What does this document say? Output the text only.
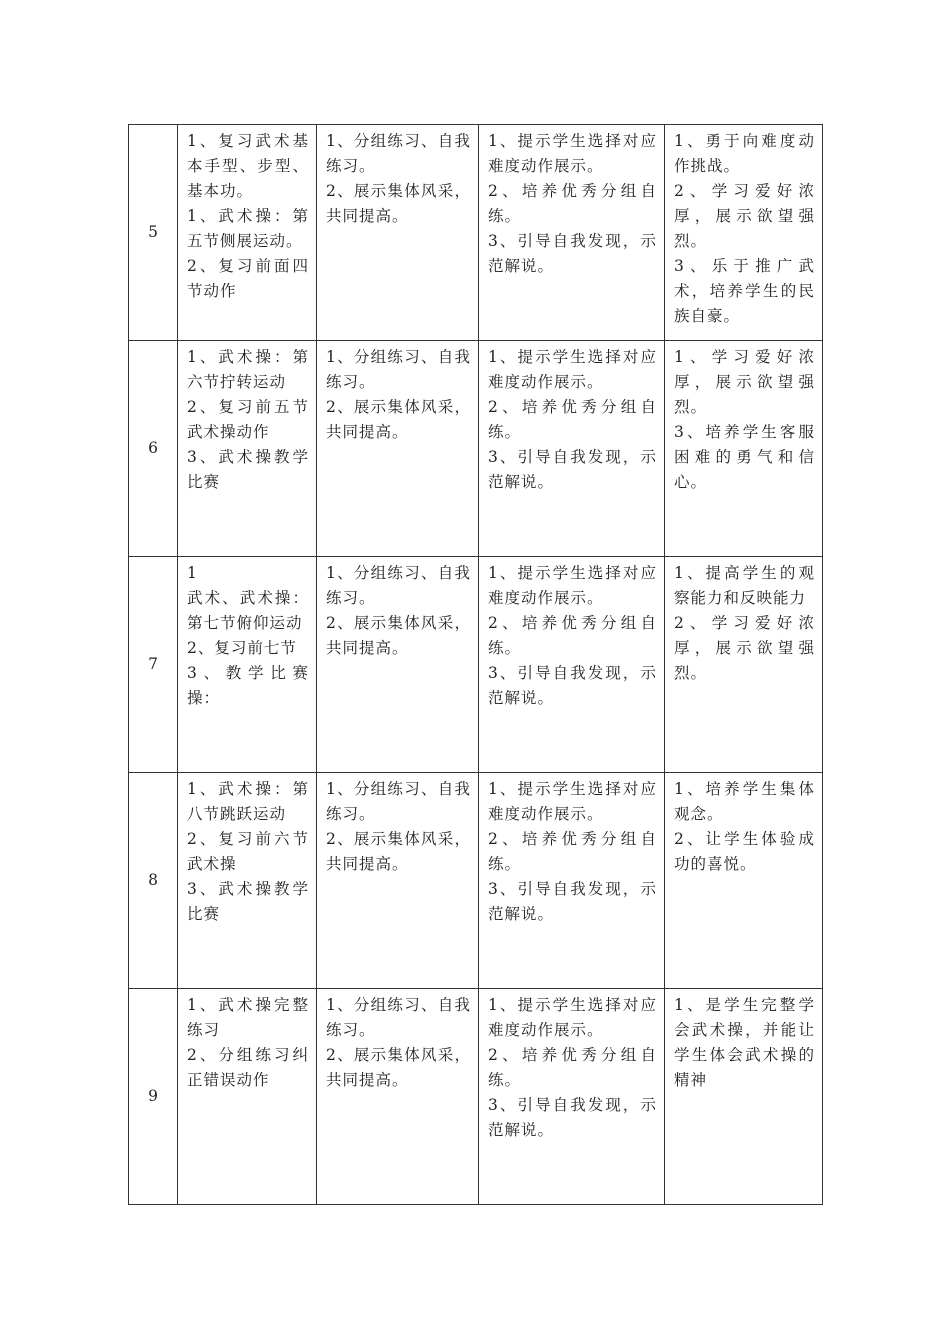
5	1、复习武术基本手型、步型、基本功。
1、武术操：第五节侧展运动。
2、复习前面四节动作	1、分组练习、自我练习。
2、展示集体风采，共同提高。	1、提示学生选择对应难度动作展示。
2、培养优秀分组自练。
3、引导自我发现，示范解说。	1、勇于向难度动作挑战。
2、学习爱好浓厚，展示欲望强烈。
3、乐于推广武术，培养学生的民族自豪。

6	1、武术操：第六节拧转运动
2、复习前五节武术操动作
3、武术操教学比赛	1、分组练习、自我练习。
2、展示集体风采，共同提高。	1、提示学生选择对应难度动作展示。
2、培养优秀分组自练。
3、引导自我发现，示范解说。	1、学习爱好浓厚，展示欲望强烈。
3、培养学生客服困难的勇气和信心。

7	1
武术、武术操：第七节俯仰运动
2、复习前七节
3、教学比赛操：	1、分组练习、自我练习。
2、展示集体风采，共同提高。	1、提示学生选择对应难度动作展示。
2、培养优秀分组自练。
3、引导自我发现，示范解说。	1、提高学生的观察能力和反映能力
2、学习爱好浓厚，展示欲望强烈。

8	1、武术操：第八节跳跃运动
2、复习前六节武术操
3、武术操教学比赛	1、分组练习、自我练习。
2、展示集体风采，共同提高。	1、提示学生选择对应难度动作展示。
2、培养优秀分组自练。
3、引导自我发现，示范解说。	1、培养学生集体观念。
2、让学生体验成功的喜悦。

9	1、武术操完整练习
2、分组练习纠正错误动作	1、分组练习、自我练习。
2、展示集体风采，共同提高。	1、提示学生选择对应难度动作展示。
2、培养优秀分组自练。
3、引导自我发现，示范解说。	1、是学生完整学会武术操，并能让学生体会武术操的精神
